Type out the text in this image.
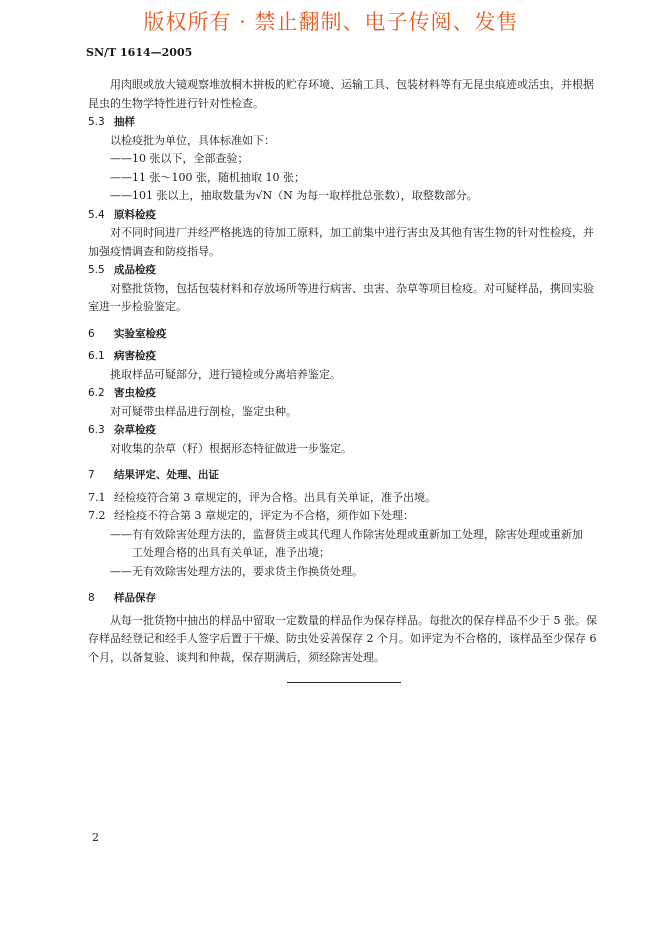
版权所有 · 禁止翻制、电子传阅、发售
SN/T 1614—2005

用肉眼或放大镜观察堆放桐木拼板的贮存环境、运输工具、包装材料等有无昆虫痕迹或活虫，并根据昆虫的生物学特性进行针对性检查。

5.3 抽样

以检疫批为单位，具体标准如下：

——10 张以下，全部查验；

——11 张～100 张，随机抽取 10 张；

——101 张以上，抽取数量为√N（N 为每一取样批总张数），取整数部分。

5.4 原料检疫

对不同时间进厂并经严格挑选的待加工原料，加工前集中进行害虫及其他有害生物的针对性检疫，并加强疫情调查和防疫指导。

5.5 成品检疫

对整批货物，包括包装材料和存放场所等进行病害、虫害、杂草等项目检疫。对可疑样品，携回实验室进一步检验鉴定。

6 实验室检疫

6.1 病害检疫

挑取样品可疑部分，进行镜检或分离培养鉴定。

6.2 害虫检疫

对可疑带虫样品进行剖检，鉴定虫种。

6.3 杂草检疫

对收集的杂草（籽）根据形态特征做进一步鉴定。

7 结果评定、处理、出证

7.1 经检疫符合第 3 章规定的，评为合格。出具有关单证，准予出境。

7.2 经检疫不符合第 3 章规定的，评定为不合格，须作如下处理：

——有有效除害处理方法的，监督货主或其代理人作除害处理或重新加工处理，除害处理或重新加

工处理合格的出具有关单证，准予出境；

——无有效除害处理方法的，要求货主作换货处理。

8 样品保存

从每一批货物中抽出的样品中留取一定数量的样品作为保存样品。每批次的保存样品不少于 5 张。保存样品经登记和经手人签字后置于干燥、防虫处妥善保存 2 个月。如评定为不合格的，该样品至少保存 6 个月，以备复验、谈判和仲裁，保存期满后，须经除害处理。

2
